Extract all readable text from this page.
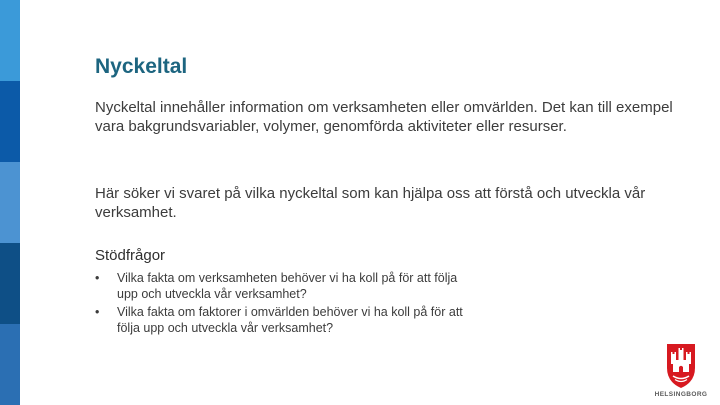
Nyckeltal
Nyckeltal innehåller information om verksamheten eller omvärlden. Det kan till exempel vara bakgrundsvariabler, volymer, genomförda aktiviteter eller resurser.
Här söker vi svaret på vilka nyckeltal som kan hjälpa oss att förstå och utveckla vår verksamhet.
Stödfrågor
• Vilka fakta om verksamheten behöver vi ha koll på för att följa upp och utveckla vår verksamhet?
• Vilka fakta om faktorer i omvärlden behöver vi ha koll på för att följa upp och utveckla vår verksamhet?
HELSINGBORG
